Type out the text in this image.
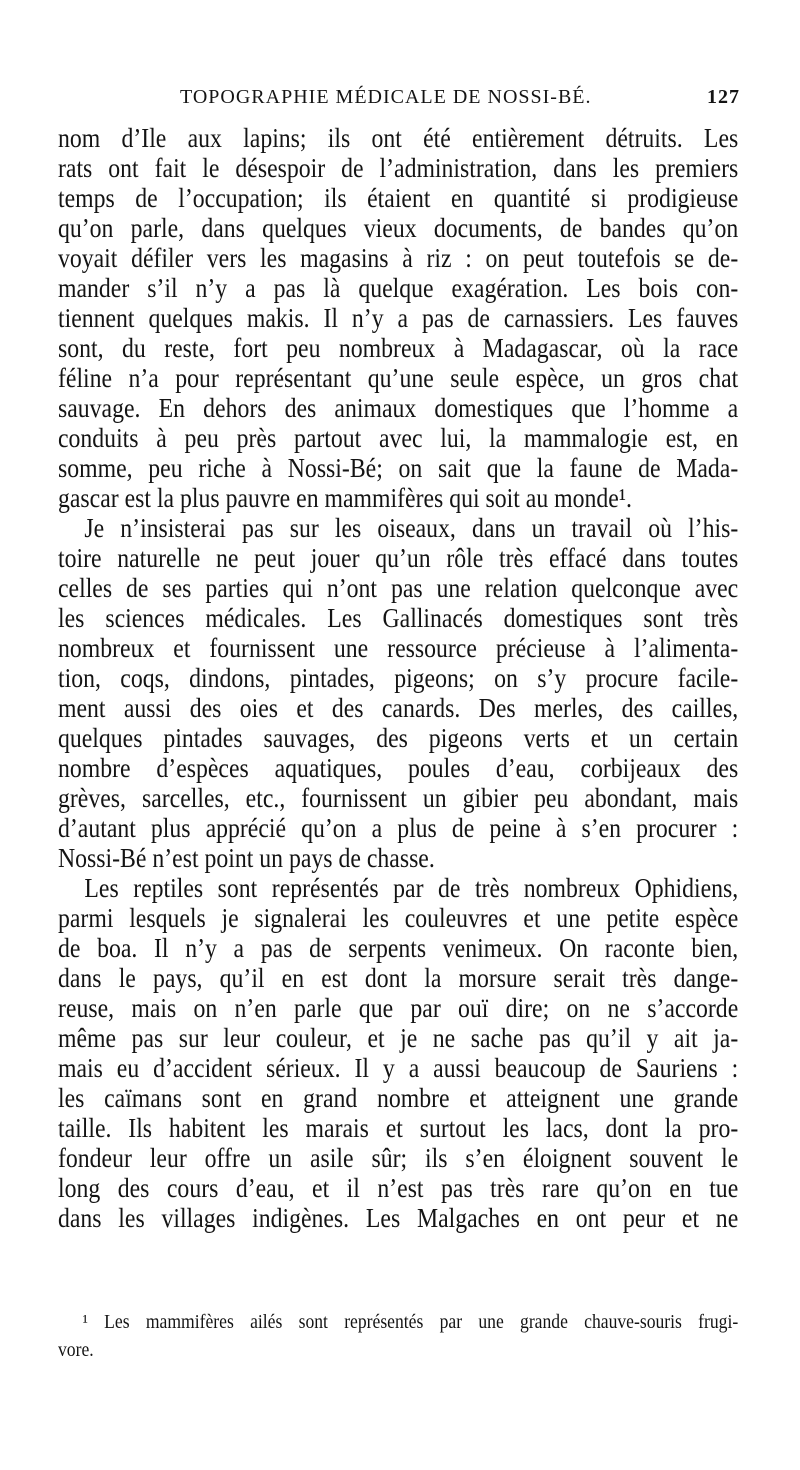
TOPOGRAPHIE MÉDICALE DE NOSSI-BÉ.	127
nom d’Ile aux lapins; ils ont été entièrement détruits. Les
rats ont fait le désespoir de l’administration, dans les premiers
temps de l’occupation; ils étaient en quantité si prodigieuse
qu’on parle, dans quelques vieux documents, de bandes qu’on
voyait défiler vers les magasins à riz : on peut toutefois se de-
mander s’il n’y a pas là quelque exagération. Les bois con-
tiennent quelques makis. Il n’y a pas de carnassiers. Les fauves
sont, du reste, fort peu nombreux à Madagascar, où la race
féline n’a pour représentant qu’une seule espèce, un gros chat
sauvage. En dehors des animaux domestiques que l’homme a
conduits à peu près partout avec lui, la mammalogie est, en
somme, peu riche à Nossi-Bé; on sait que la faune de Mada-
gascar est la plus pauvre en mammifères qui soit au monde¹.
Je n’insisterai pas sur les oiseaux, dans un travail où l’his-
toire naturelle ne peut jouer qu’un rôle très effacé dans toutes
celles de ses parties qui n’ont pas une relation quelconque avec
les sciences médicales. Les Gallinacés domestiques sont très
nombreux et fournissent une ressource précieuse à l’alimenta-
tion, coqs, dindons, pintades, pigeons; on s’y procure facile-
ment aussi des oies et des canards. Des merles, des cailles,
quelques pintades sauvages, des pigeons verts et un certain
nombre d’espèces aquatiques, poules d’eau, corbijeaux des
grèves, sarcelles, etc., fournissent un gibier peu abondant, mais
d’autant plus apprécié qu’on a plus de peine à s’en procurer :
Nossi-Bé n’est point un pays de chasse.
Les reptiles sont représentés par de très nombreux Ophidiens,
parmi lesquels je signalerai les couleuvres et une petite espèce
de boa. Il n’y a pas de serpents venimeux. On raconte bien,
dans le pays, qu’il en est dont la morsure serait très dange-
reuse, mais on n’en parle que par ouï dire; on ne s’accorde
même pas sur leur couleur, et je ne sache pas qu’il y ait ja-
mais eu d’accident sérieux. Il y a aussi beaucoup de Sauriens :
les caïmans sont en grand nombre et atteignent une grande
taille. Ils habitent les marais et surtout les lacs, dont la pro-
fondeur leur offre un asile sûr; ils s’en éloignent souvent le
long des cours d’eau, et il n’est pas très rare qu’on en tue
dans les villages indigènes. Les Malgaches en ont peur et ne
¹ Les mammifères ailés sont représentés par une grande chauve-souris frugi-
vore.
